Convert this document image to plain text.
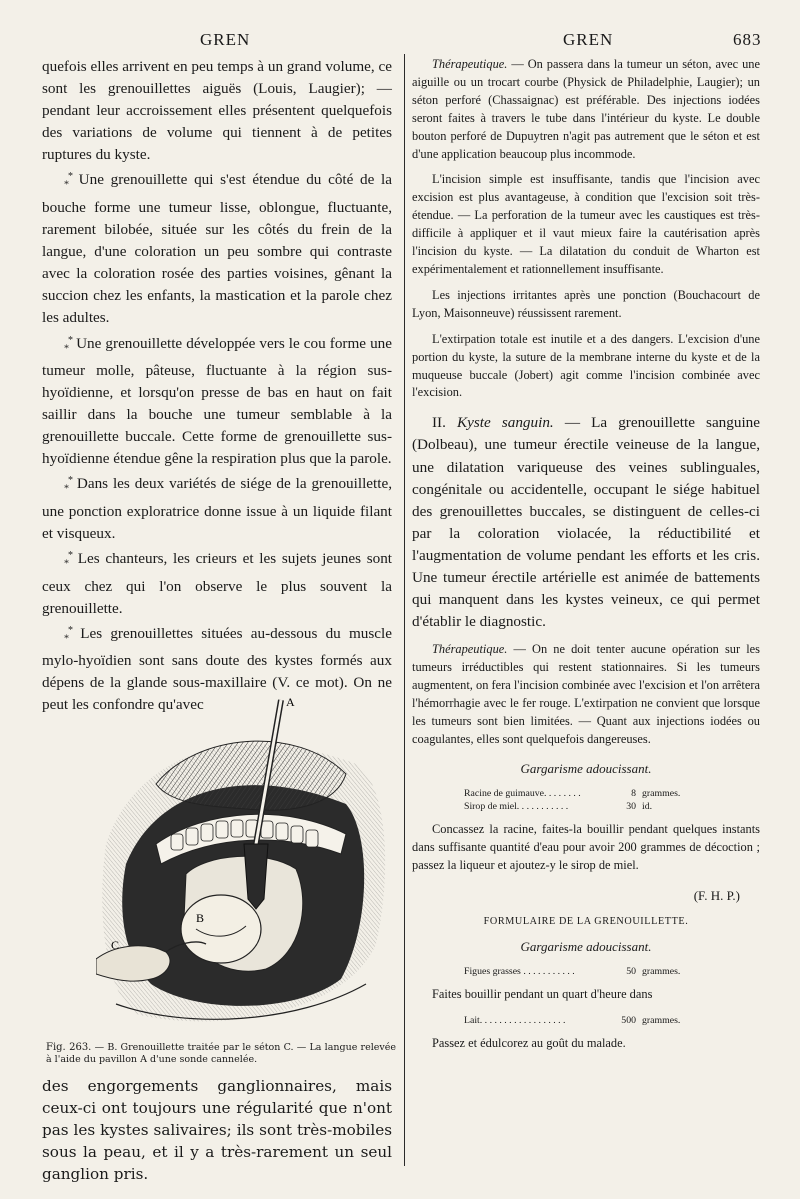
GREN	GREN	683

quefois elles arrivent en peu temps à un grand volume, ce sont les grenouillettes aiguës (Louis, Laugier); — pendant leur accroissement elles présentent quelquefois des variations de volume qui tiennent à de petites ruptures du kyste.

$_*$* Une grenouillette qui s'est étendue du côté de la bouche forme une tumeur lisse, oblongue, fluctuante, rarement bilobée, située sur les côtés du frein de la langue, d'une coloration un peu sombre qui contraste avec la coloration rosée des parties voisines, gênant la succion chez les enfants, la mastication et la parole chez les adultes.

$_*$* Une grenouillette développée vers le cou forme une tumeur molle, pâteuse, fluctuante à la région sus-hyoïdienne, et lorsqu'on presse de bas en haut on fait saillir dans la bouche une tumeur semblable à la grenouillette buccale. Cette forme de grenouillette sus-hyoïdienne étendue gêne la respiration plus que la parole.

$_*$* Dans les deux variétés de siége de la grenouillette, une ponction exploratrice donne issue à un liquide filant et visqueux.

$_*$* Les chanteurs, les crieurs et les sujets jeunes sont ceux chez qui l'on observe le plus souvent la grenouillette.

$_*$* Les grenouillettes situées au-dessous du muscle mylo-hyoïdien sont sans doute des kystes formés aux dépens de la glande sous-maxillaire (V. ce mot). On ne peut les confondre qu'avec	A
B
C
Fig. 263. — B. Grenouillette traitée par le séton C. — La langue relevée à l'aide du pavillon A d'une sonde cannelée.

des engorgements ganglionnaires, mais ceux-ci ont toujours une régularité que n'ont pas les kystes salivaires; ils sont très-mobiles sous la peau, et il y a très-rarement un seul ganglion pris.

Thérapeutique. — On passera dans la tumeur un séton, avec une aiguille ou un trocart courbe (Physick de Philadelphie, Laugier); un séton perforé (Chassaignac) est préférable. Des injections iodées seront faites à travers le tube dans l'intérieur du kyste. Le double bouton perforé de Dupuytren n'agit pas autrement que le séton et est d'une application beaucoup plus incommode.

L'incision simple est insuffisante, tandis que l'incision avec excision est plus avantageuse, à condition que l'excision soit très-étendue. — La perforation de la tumeur avec les caustiques est très-difficile à appliquer et il vaut mieux faire la cautérisation après l'incision du kyste. — La dilatation du conduit de Wharton est expérimentalement et rationnellement insuffisante.

Les injections irritantes après une ponction (Bouchacourt de Lyon, Maisonneuve) réussissent rarement.

L'extirpation totale est inutile et a des dangers. L'excision d'une portion du kyste, la suture de la membrane interne du kyste et de la muqueuse buccale (Jobert) agit comme l'incision combinée avec l'excision.

II. Kyste sanguin. — La grenouillette sanguine (Dolbeau), une tumeur érectile veineuse de la langue, une dilatation variqueuse des veines sublinguales, congénitale ou accidentelle, occupant le siége habituel des grenouillettes buccales, se distinguent de celles-ci par la coloration violacée, la réductibilité et l'augmentation de volume pendant les efforts et les cris. Une tumeur érectile artérielle est animée de battements qui manquent dans les kystes veineux, ce qui permet d'établir le diagnostic.

Thérapeutique. — On ne doit tenter aucune opération sur les tumeurs irréductibles qui restent stationnaires. Si les tumeurs augmentent, on fera l'incision combinée avec l'excision et l'on arrêtera l'hémorrhagie avec le fer rouge. L'extirpation ne convient que lorsque les tumeurs sont bien limitées. — Quant aux injections iodées ou coagulantes, elles sont quelquefois dangereuses.

Gargarisme adoucissant.
Racine de guimauve. . . . . . . .	8 grammes.
Sirop de miel. . . . . . . . . . .	30 id.

Concassez la racine, faites-la bouillir pendant quelques instants dans suffisante quantité d'eau pour avoir 200 grammes de décoction ; passez la liqueur et ajoutez-y le sirop de miel.

(F. H. P.)
FORMULAIRE DE LA GRENOUILLETTE.
Gargarisme adoucissant.
Figues grasses . . . . . . . . . . .	50 grammes.

Faites bouillir pendant un quart d'heure dans

Lait. . . . . . . . . . . . . . . . . .	500 grammes.

Passez et édulcorez au goût du malade.
